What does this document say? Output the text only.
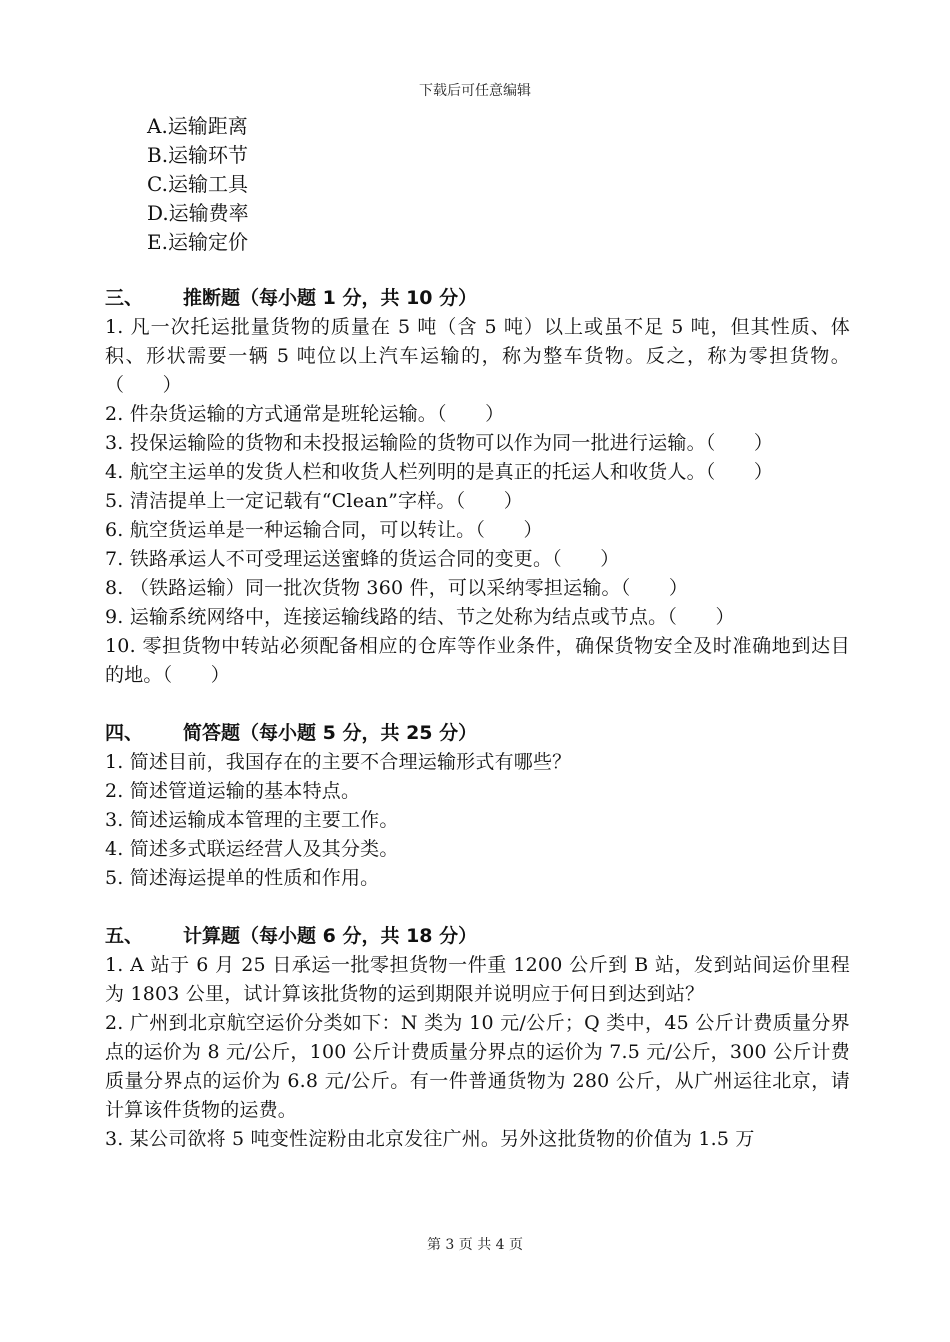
下载后可任意编辑
A.运输距离
B.运输环节
C.运输工具
D.运输费率
E.运输定价
三、 推断题（每小题 1 分，共 10 分）
1. 凡一次托运批量货物的质量在 5 吨（含 5 吨）以上或虽不足 5 吨，但其性质、体积、形状需要一辆 5 吨位以上汽车运输的，称为整车货物。反之，称为零担货物。（　　）
2. 件杂货运输的方式通常是班轮运输。（　　）
3. 投保运输险的货物和未投报运输险的货物可以作为同一批进行运输。（　　）
4. 航空主运单的发货人栏和收货人栏列明的是真正的托运人和收货人。（　　）
5. 清洁提单上一定记载有“Clean”字样。（　　）
6. 航空货运单是一种运输合同，可以转让。（　　）
7. 铁路承运人不可受理运送蜜蜂的货运合同的变更。（　　）
8. （铁路运输）同一批次货物 360 件，可以采纳零担运输。（　　）
9. 运输系统网络中，连接运输线路的结、节之处称为结点或节点。（　　）
10. 零担货物中转站必须配备相应的仓库等作业条件，确保货物安全及时准确地到达目的地。（　　）
四、 简答题（每小题 5 分，共 25 分）
1. 简述目前，我国存在的主要不合理运输形式有哪些？
2. 简述管道运输的基本特点。
3. 简述运输成本管理的主要工作。
4. 简述多式联运经营人及其分类。
5. 简述海运提单的性质和作用。
五、 计算题（每小题 6 分，共 18 分）
1. A 站于 6 月 25 日承运一批零担货物一件重 1200 公斤到 B 站，发到站间运价里程为 1803 公里，试计算该批货物的运到期限并说明应于何日到达到站？
2. 广州到北京航空运价分类如下：N 类为 10 元/公斤；Q 类中，45 公斤计费质量分界点的运价为 8 元/公斤，100 公斤计费质量分界点的运价为 7.5 元/公斤，300 公斤计费质量分界点的运价为 6.8 元/公斤。有一件普通货物为 280 公斤，从广州运往北京，请计算该件货物的运费。
3. 某公司欲将 5 吨变性淀粉由北京发往广州。另外这批货物的价值为 1.5 万
第 3 页 共 4 页
